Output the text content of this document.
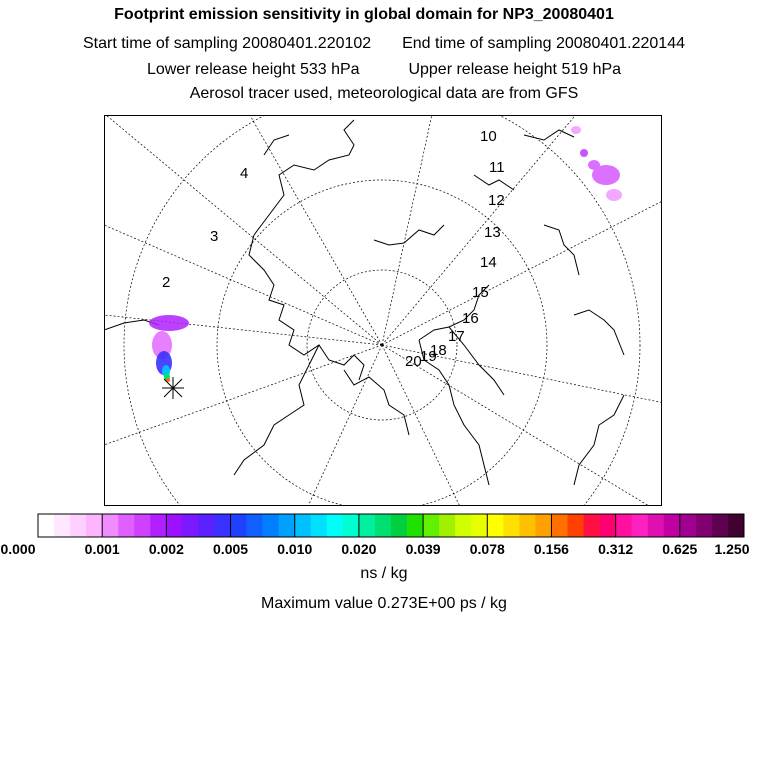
Footprint emission sensitivity in global domain for NP3_20080401
Start time of sampling 20080401.220102 End time of sampling 20080401.220144
Lower release height 533 hPa	Upper release height 519 hPa
Aerosol tracer used, meteorological data are from GFS
2
3
4
10
11
12
13
14
15
16
17
18
19
20
0.000	0.001 0.002 0.005 0.010 0.020 0.039 0.078 0.156 0.312 0.625 1.250
ns / kg
Maximum value 0.273E+00 ps / kg
